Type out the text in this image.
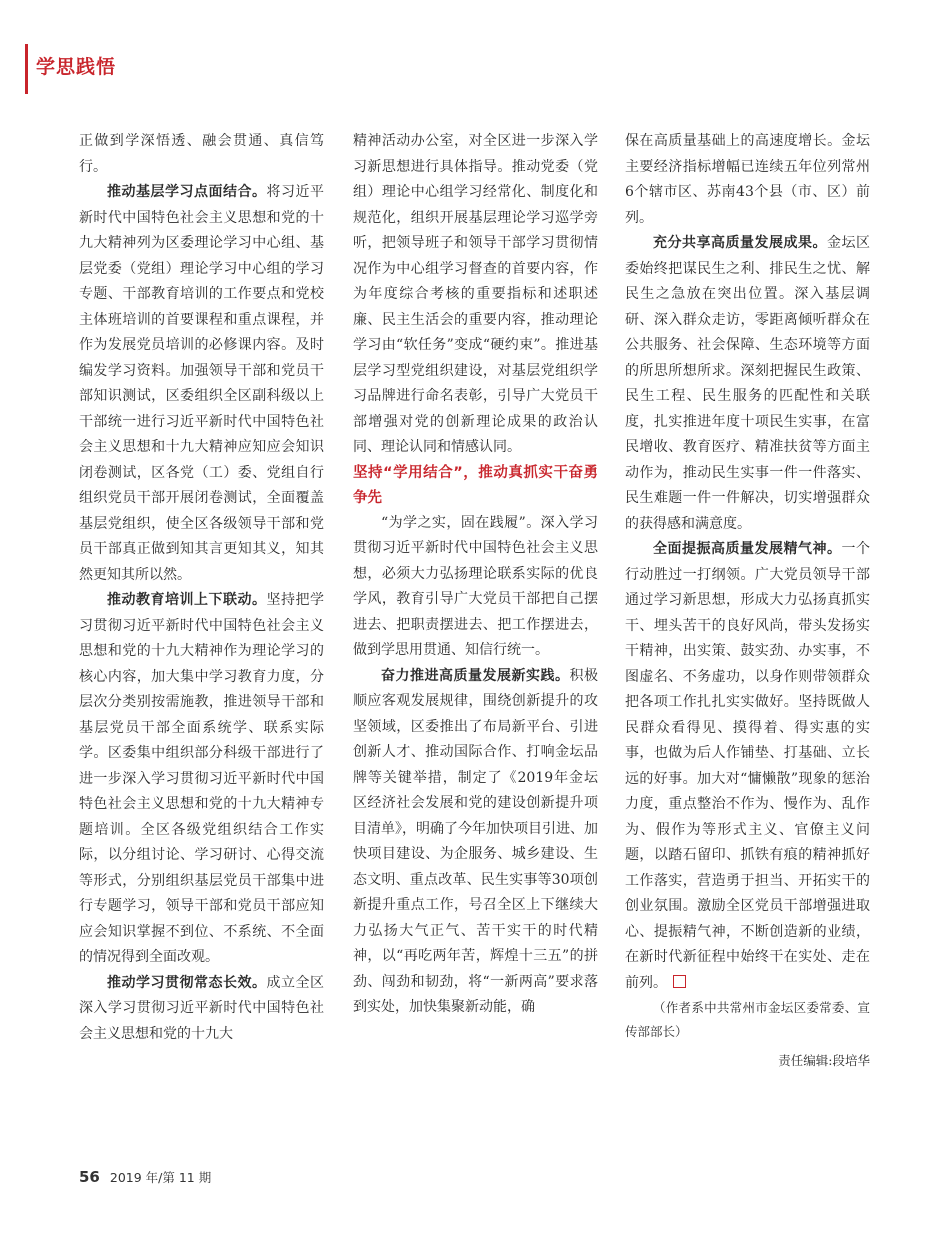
学思践悟

正做到学深悟透、融会贯通、真信笃行。

推动基层学习点面结合。将习近平新时代中国特色社会主义思想和党的十九大精神列为区委理论学习中心组、基层党委（党组）理论学习中心组的学习专题、干部教育培训的工作要点和党校主体班培训的首要课程和重点课程，并作为发展党员培训的必修课内容。及时编发学习资料。加强领导干部和党员干部知识测试，区委组织全区副科级以上干部统一进行习近平新时代中国特色社会主义思想和十九大精神应知应会知识闭卷测试，区各党（工）委、党组自行组织党员干部开展闭卷测试，全面覆盖基层党组织，使全区各级领导干部和党员干部真正做到知其言更知其义，知其然更知其所以然。

推动教育培训上下联动。坚持把学习贯彻习近平新时代中国特色社会主义思想和党的十九大精神作为理论学习的核心内容，加大集中学习教育力度，分层次分类别按需施教，推进领导干部和基层党员干部全面系统学、联系实际学。区委集中组织部分科级干部进行了进一步深入学习贯彻习近平新时代中国特色社会主义思想和党的十九大精神专题培训。全区各级党组织结合工作实际，以分组讨论、学习研讨、心得交流等形式，分别组织基层党员干部集中进行专题学习，领导干部和党员干部应知应会知识掌握不到位、不系统、不全面的情况得到全面改观。

推动学习贯彻常态长效。成立全区深入学习贯彻习近平新时代中国特色社会主义思想和党的十九大

精神活动办公室，对全区进一步深入学习新思想进行具体指导。推动党委（党组）理论中心组学习经常化、制度化和规范化，组织开展基层理论学习巡学旁听，把领导班子和领导干部学习贯彻情况作为中心组学习督查的首要内容，作为年度综合考核的重要指标和述职述廉、民主生活会的重要内容，推动理论学习由“软任务”变成“硬约束”。推进基层学习型党组织建设，对基层党组织学习品牌进行命名表彰，引导广大党员干部增强对党的创新理论成果的政治认同、理论认同和情感认同。

坚持“学用结合”，推动真抓实干奋勇争先

“为学之实，固在践履”。深入学习贯彻习近平新时代中国特色社会主义思想，必须大力弘扬理论联系实际的优良学风，教育引导广大党员干部把自己摆进去、把职责摆进去、把工作摆进去，做到学思用贯通、知信行统一。

奋力推进高质量发展新实践。积极顺应客观发展规律，围绕创新提升的攻坚领域，区委推出了布局新平台、引进创新人才、推动国际合作、打响金坛品牌等关键举措，制定了《2019年金坛区经济社会发展和党的建设创新提升项目清单》，明确了今年加快项目引进、加快项目建设、为企服务、城乡建设、生态文明、重点改革、民生实事等30项创新提升重点工作，号召全区上下继续大力弘扬大气正气、苦干实干的时代精神，以“再吃两年苦，辉煌十三五”的拼劲、闯劲和韧劲，将“一新两高”要求落到实处，加快集聚新动能，确

保在高质量基础上的高速度增长。金坛主要经济指标增幅已连续五年位列常州6个辖市区、苏南43个县（市、区）前列。

充分共享高质量发展成果。金坛区委始终把谋民生之利、排民生之忧、解民生之急放在突出位置。深入基层调研、深入群众走访，零距离倾听群众在公共服务、社会保障、生态环境等方面的所思所想所求。深刻把握民生政策、民生工程、民生服务的匹配性和关联度，扎实推进年度十项民生实事，在富民增收、教育医疗、精准扶贫等方面主动作为，推动民生实事一件一件落实、民生难题一件一件解决，切实增强群众的获得感和满意度。

全面提振高质量发展精气神。一个行动胜过一打纲领。广大党员领导干部通过学习新思想，形成大力弘扬真抓实干、埋头苦干的良好风尚，带头发扬实干精神，出实策、鼓实劲、办实事，不图虚名、不务虚功，以身作则带领群众把各项工作扎扎实实做好。坚持既做人民群众看得见、摸得着、得实惠的实事，也做为后人作铺垫、打基础、立长远的好事。加大对“慵懒散”现象的惩治力度，重点整治不作为、慢作为、乱作为、假作为等形式主义、官僚主义问题，以踏石留印、抓铁有痕的精神抓好工作落实，营造勇于担当、开拓实干的创业氛围。激励全区党员干部增强进取心、提振精气神，不断创造新的业绩，在新时代新征程中始终干在实处、走在前列。

（作者系中共常州市金坛区委常委、宣传部部长）

责任编辑:段培华
56 2019 年/第 11 期
